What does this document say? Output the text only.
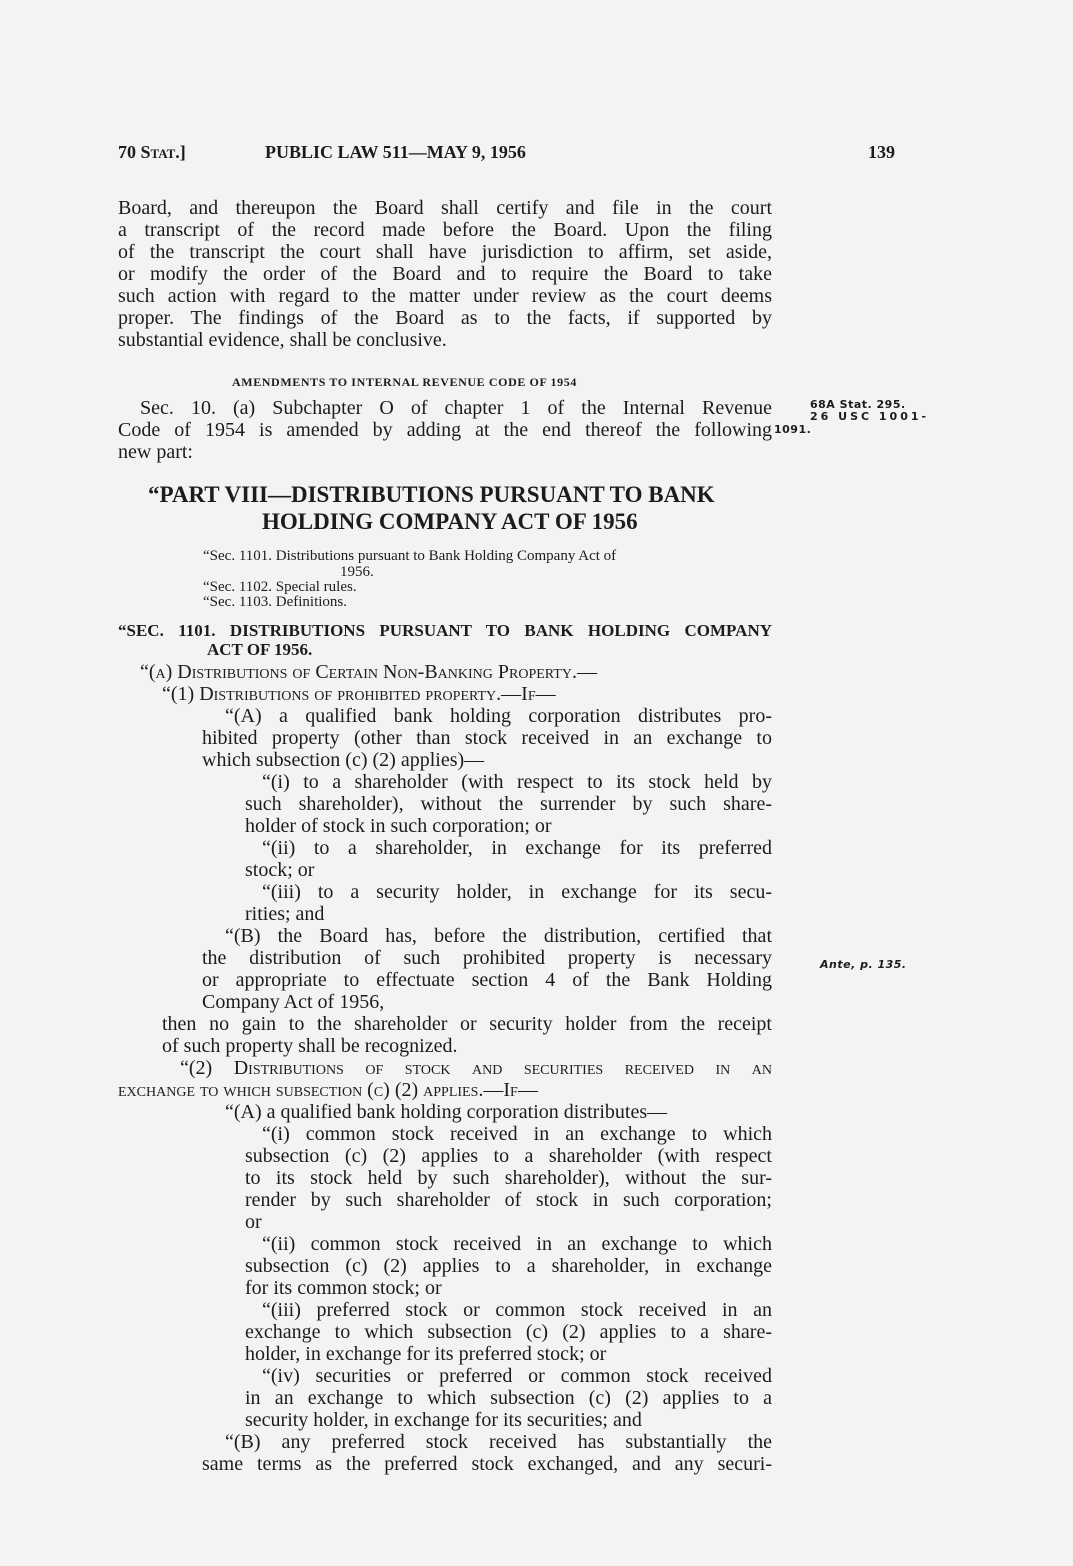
70 Stat.]	PUBLIC LAW 511—MAY 9, 1956	139
68A Stat. 295.
26 USC 1001-
1091.
Ante, p. 135.
Board, and thereupon the Board shall certify and file in the court
a transcript of the record made before the Board. Upon the filing
of the transcript the court shall have jurisdiction to affirm, set aside,
or modify the order of the Board and to require the Board to take
such action with regard to the matter under review as the court deems
proper. The findings of the Board as to the facts, if supported by
substantial evidence, shall be conclusive.
AMENDMENTS TO INTERNAL REVENUE CODE OF 1954
Sec. 10. (a) Subchapter O of chapter 1 of the Internal Revenue
Code of 1954 is amended by adding at the end thereof the following
new part:
“PART VIII—DISTRIBUTIONS PURSUANT TO BANK
HOLDING COMPANY ACT OF 1956
“Sec. 1101. Distributions pursuant to Bank Holding Company Act of
1956.
“Sec. 1102. Special rules.
“Sec. 1103. Definitions.
“SEC. 1101. DISTRIBUTIONS PURSUANT TO BANK HOLDING COMPANY
ACT OF 1956.
“(a) Distributions of Certain Non-Banking Property.—
“(1) Distributions of prohibited property.—If—
“(A) a qualified bank holding corporation distributes pro-
hibited property (other than stock received in an exchange to
which subsection (c) (2) applies)—
“(i) to a shareholder (with respect to its stock held by
such shareholder), without the surrender by such share-
holder of stock in such corporation; or
“(ii) to a shareholder, in exchange for its preferred
stock; or
“(iii) to a security holder, in exchange for its secu-
rities; and
“(B) the Board has, before the distribution, certified that
the distribution of such prohibited property is necessary
or appropriate to effectuate section 4 of the Bank Holding
Company Act of 1956,
then no gain to the shareholder or security holder from the receipt
of such property shall be recognized.
“(2) Distributions of stock and securities received in an
exchange to which subsection (c) (2) applies.—If—
“(A) a qualified bank holding corporation distributes—
“(i) common stock received in an exchange to which
subsection (c) (2) applies to a shareholder (with respect
to its stock held by such shareholder), without the sur-
render by such shareholder of stock in such corporation;
or
“(ii) common stock received in an exchange to which
subsection (c) (2) applies to a shareholder, in exchange
for its common stock; or
“(iii) preferred stock or common stock received in an
exchange to which subsection (c) (2) applies to a share-
holder, in exchange for its preferred stock; or
“(iv) securities or preferred or common stock received
in an exchange to which subsection (c) (2) applies to a
security holder, in exchange for its securities; and
“(B) any preferred stock received has substantially the
same terms as the preferred stock exchanged, and any securi-
